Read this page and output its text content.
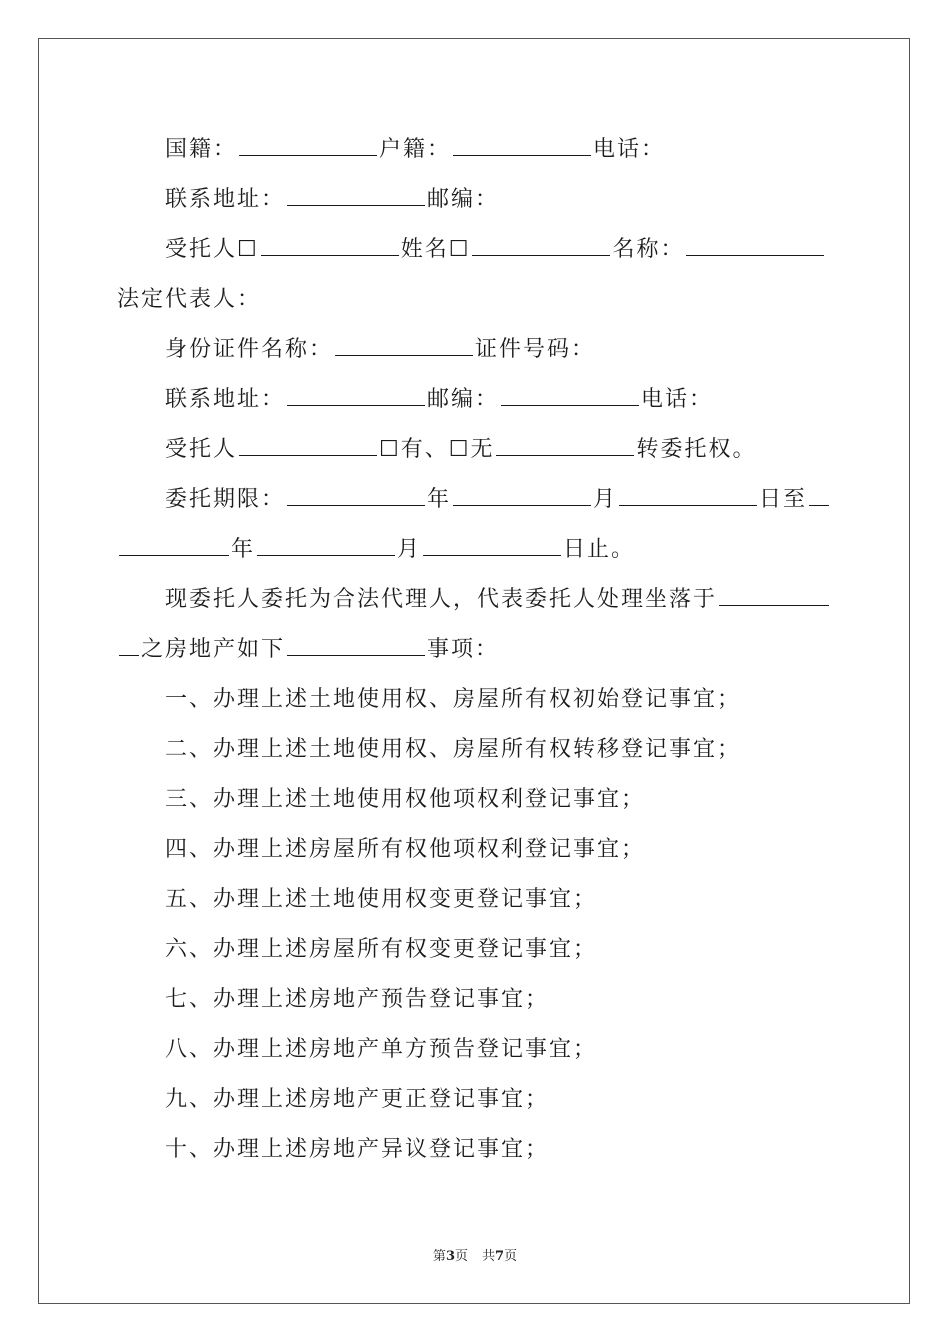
国籍：	户籍：	电话：
联系地址：	邮编：
受托人☐	姓名☐	名称：
法定代表人：
身份证件名称：	证件号码：
联系地址：	邮编：	电话：
受托人	☐有、☐无	转委托权。
委托期限：	年	月	日至
年	月	日止。
现委托人委托为合法代理人，代表委托人处理坐落于
之房地产如下	事项：
一、办理上述土地使用权、房屋所有权初始登记事宜；
二、办理上述土地使用权、房屋所有权转移登记事宜；
三、办理上述土地使用权他项权利登记事宜；
四、办理上述房屋所有权他项权利登记事宜；
五、办理上述土地使用权变更登记事宜；
六、办理上述房屋所有权变更登记事宜；
七、办理上述房地产预告登记事宜；
八、办理上述房地产单方预告登记事宜；
九、办理上述房地产更正登记事宜；
十、办理上述房地产异议登记事宜；
第3页 共7页
